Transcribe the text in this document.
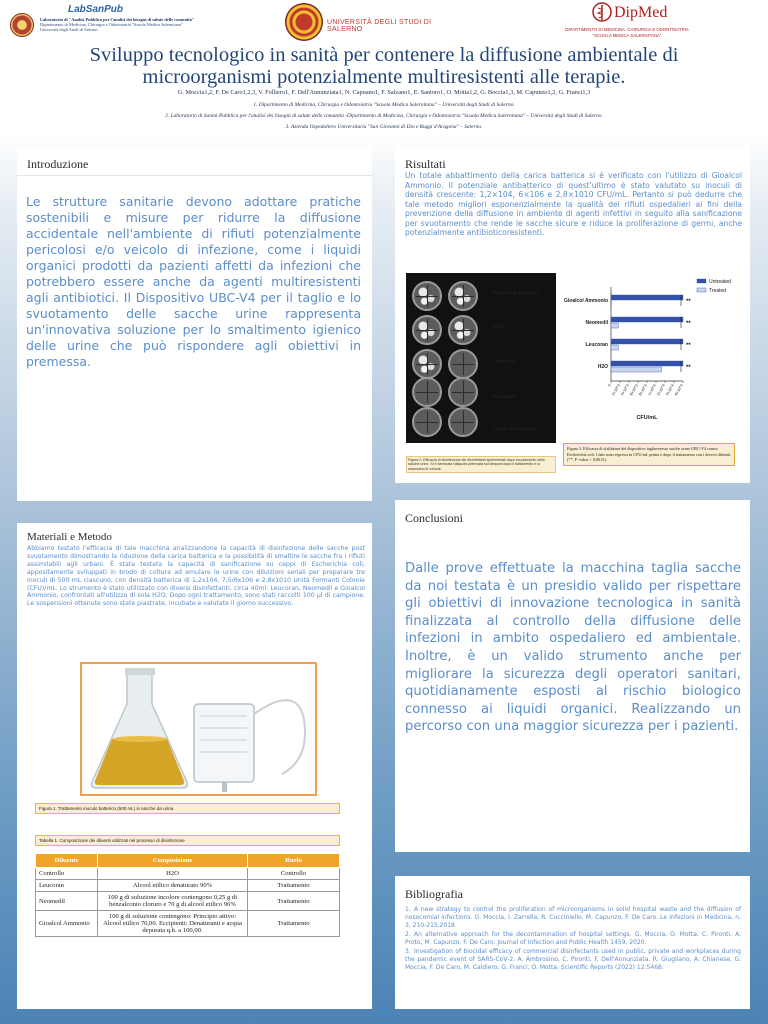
LabSanPub
Laboratorio di "Analisi Pubblica per l'analisi dei bisogni di salute delle comunità"
Dipartimento di Medicina, Chirurgia e Odontoiatria "Scuola Medica Salernitana"
Università degli Studi di Salerno
UNIVERSITÀ DEGLI STUDI DI SALERNO
DipMed
DIPARTIMENTO DI MEDICINA, CHIRURGIA E ODONTOIATRIA
"SCUOLA MEDICA SALERNITANA"
Sviluppo tecnologico in sanità per contenere la diffusione ambientale di
microorganismi potenzialmente multiresistenti alle terapie.
G. Moccia1,2, F. De Caro1,2,3, V. Folliero1, F. Dell'Annunziata1, N. Capuano1, F. Salzano1, E. Santoro1, O. Motta1,2, G. Boccia1,3, M. Capunzo1,2, G. Franci1,3
1. Dipartimento di Medicina, Chirurgia e Odontoiatria "Scuola Medica Salernitana" – Università degli Studi di Salerno.
2. Laboratorio di Sanità Pubblica per l'analisi dei bisogni di salute delle comunità -Dipartimento di Medicina, Chirurgia e Odontoiatria "Scuola Medica Salernitana" – Università degli Studi di Salerno.
3. Azienda Ospedaliero Universitaria "San Giovanni di Dio e Ruggi d'Aragona" – Salerno.
Introduzione
Le strutture sanitarie devono adottare pratiche sostenibili e misure per ridurre la diffusione accidentale nell'ambiente di rifiuti potenzialmente pericolosi e/o veicolo di infezione, come i liquidi organici prodotti da pazienti affetti da infezioni che potrebbero essere anche da agenti multiresistenti agli antibiotici. Il Dispositivo UBC-V4 per il taglio e lo svuotamento delle sacche urine rappresenta un'innovativa soluzione per lo smaltimento igienico delle urine che può rispondere agli obiettivi in premessa.
Risultati
Un totale abbattimento della carica batterica si è verificato con l'utilizzo di Gioalcol Ammonio. Il potenziale antibatterico di quest'ultimo è stato valutato su inoculi di densità crescente: 1,2×104, 6×106 e 2,8×1010 CFU/mL. Pertanto si può dedurre che tale metodo migliori esponenzialmente la qualità dei rifiuti ospedalieri ai fini della prevenzione della diffusione in ambiente di agenti infettivi in seguito alla sanificazione per svuotamento che rende le sacche sicure e riduce la proliferazione di germi, anche potenzialmente antibioticoresistenti.
Inoculo di partenza
H2O
Leucoran
Neomedil
Gioalcol Ammonio
Figura 2. Efficacia di disinfezione dei disinfettanti sperimentali dopo svuotamento delle sacche urine. Si è seminata l'aliquota prelevata sui tamponi dopo il trattamento e si osservano le colonie.
Gioalcol Ammonio	**
Neomedil	**
Leucoran	**
H2O	**
0 2×10^3 4×10^3 6×10^3 8×10^3 1×10^4 2×10^4 4×10^4 6×10^4
CFU/mL
Untreated
Treated
Figura 3. Efficacia di sfaldatura del dispositivo tagliaveresto sacche urine UBC-V4 contro Escherichia coli. I dati sono espressi in CFU/mL prima e dopo il trattamento con i diversi diluenti (**, P -value < 0,0013).
Materiali e Metodo
Abbiamo testato l'efficacia di tale macchina analizzandone la capacità di disinfezione delle sacche post svuotamento dimostrando la riduzione della carica batterica e la possibilità di smaltire le sacche fra i rifiuti assimilabili agli urbani. È stata testata la capacità di sanificazione su ceppi di Escherichia coli, appositamente sviluppati in brodo di coltura ad emulare le urine con diluizioni seriali per preparare tre inoculi di 500 mL ciascuno, con densità batterica di 1,2x104, 7,5/6x106 e 2,8x1010 Unità Formanti Colonie (CFU)/mL. Lo strumento è stato utilizzato con diversi disinfettanti, circa 40ml: Leucoran, Neomedil e Gioalcol Ammonio, confrontati all'utilizzo di sola H2O. Dopo ogni trattamento, sono stati raccolti 100 μl di campione. Le sospensioni ottenute sono state piastrate, incubate e valutate il giorno successivo.
Figura 1. Trattamento inoculo batterico (500 mL) in sacche da urina.
Tabella 1. Composizione dei diluenti utilizzati nel processo di disinfezione
Diluente	Composizione	Ruolo
Controllo	H2O	Controllo
Leucoran	Alcool etilico denaturato 90%	Trattamento
Neomedil	100 g di soluzione incolore contengono 0,25 g di benzalconio cloruro e 70 g di alcool etilico 96%	Trattamento
Gioalcol Ammonio	100 g di soluzione contengono: Principio attivo: Alcool etilico 70,00. Eccipienti: Denaturanti e acqua depurata q.b. a 100,00.	Trattamento
Conclusioni
Dalle prove effettuate la macchina taglia sacche da noi testata è un presidio valido per rispettare gli obiettivi di innovazione tecnologica in sanità finalizzata al controllo della diffusione delle infezioni in ambito ospedaliero ed ambientale. Inoltre, è un valido strumento anche per migliorare la sicurezza degli operatori sanitari, quotidianamente esposti al rischio biologico connesso ai liquidi organici. Realizzando un percorso con una maggior sicurezza per i pazienti.
Bibliografia
1. A new strategy to control the proliferation of microorganisms in solid hospital waste and the diffusion of nosocomial infections. G. Moccia, I. Zarrella, R. Cucciniello, M. Capunzo, F. De Caro. Le Infezioni in Medicina, n. 3, 210-215,2018.
2. An alternative approach for the decontamination of hospital settings. G. Moccia, O. Motta, C. Pironti, A. Proto, M. Capunzo, F. De Caro. Journal of Infection and Public Health 1459, 2020.
3. Investigation of biocidal efficacy of commercial disinfectants used in public, private and workplaces during the pandemic event of SARS-CoV-2. A. Ambrosino, C. Pironti, F. Dell'Annunziata, R. Giugliano, A. Chianese, G. Moccia, F. De Caro, M. Caldiero, G. Franci, O. Motta. Scientific Reports (2022) 12:5468.
